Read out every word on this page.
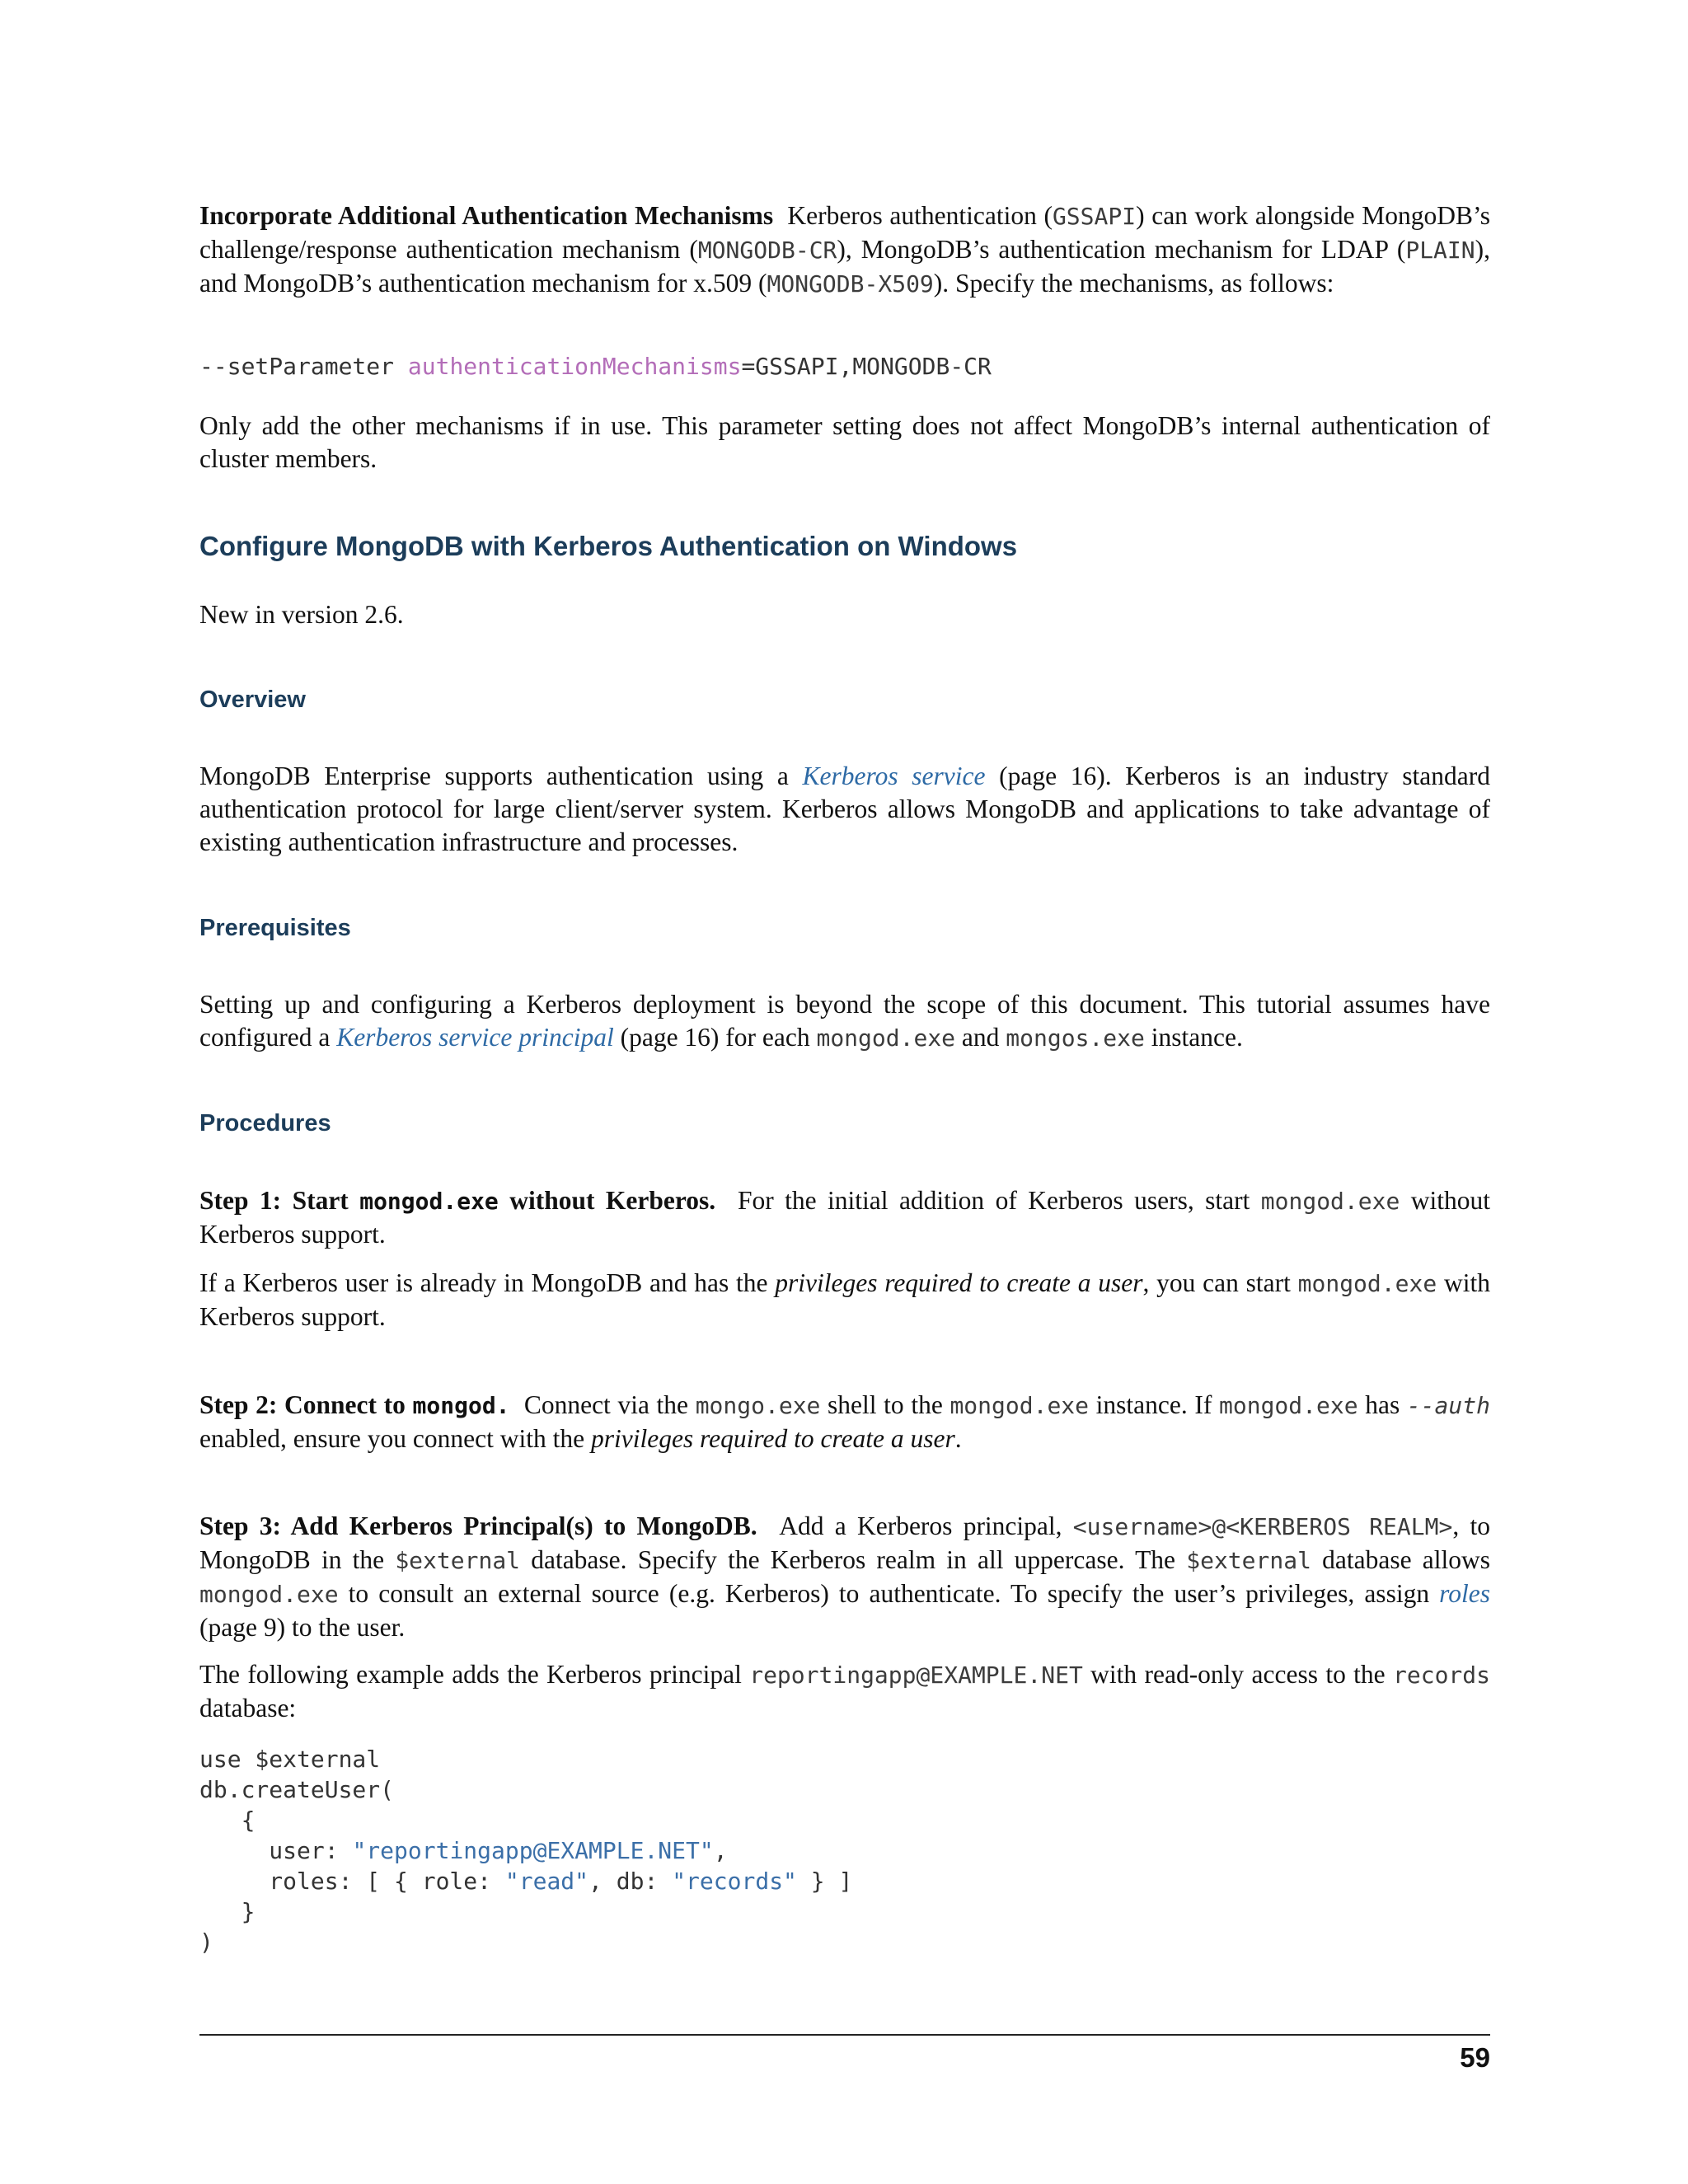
Incorporate Additional Authentication Mechanisms Kerberos authentication (GSSAPI) can work alongside MongoDB’s challenge/response authentication mechanism (MONGODB-CR), MongoDB’s authentication mechanism for LDAP (PLAIN), and MongoDB’s authentication mechanism for x.509 (MONGODB-X509). Specify the mechanisms, as follows:

--setParameter authenticationMechanisms=GSSAPI,MONGODB-CR

Only add the other mechanisms if in use. This parameter setting does not affect MongoDB’s internal authentication of cluster members.

Configure MongoDB with Kerberos Authentication on Windows

New in version 2.6.

Overview

MongoDB Enterprise supports authentication using a Kerberos service (page 16). Kerberos is an industry standard authentication protocol for large client/server system. Kerberos allows MongoDB and applications to take advantage of existing authentication infrastructure and processes.

Prerequisites

Setting up and configuring a Kerberos deployment is beyond the scope of this document. This tutorial assumes have configured a Kerberos service principal (page 16) for each mongod.exe and mongos.exe instance.

Procedures

Step 1: Start mongod.exe without Kerberos. For the initial addition of Kerberos users, start mongod.exe without Kerberos support.

If a Kerberos user is already in MongoDB and has the privileges required to create a user, you can start mongod.exe with Kerberos support.

Step 2: Connect to mongod. Connect via the mongo.exe shell to the mongod.exe instance. If mongod.exe has --auth enabled, ensure you connect with the privileges required to create a user.

Step 3: Add Kerberos Principal(s) to MongoDB. Add a Kerberos principal, <username>@<KERBEROS REALM>, to MongoDB in the $external database. Specify the Kerberos realm in all uppercase. The $external database allows mongod.exe to consult an external source (e.g. Kerberos) to authenticate. To specify the user’s privileges, assign roles (page 9) to the user.

The following example adds the Kerberos principal reportingapp@EXAMPLE.NET with read-only access to the records database:

use $external
db.createUser(
{
user: "reportingapp@EXAMPLE.NET",
roles: [ { role: "read", db: "records" } ]
}
)
59
